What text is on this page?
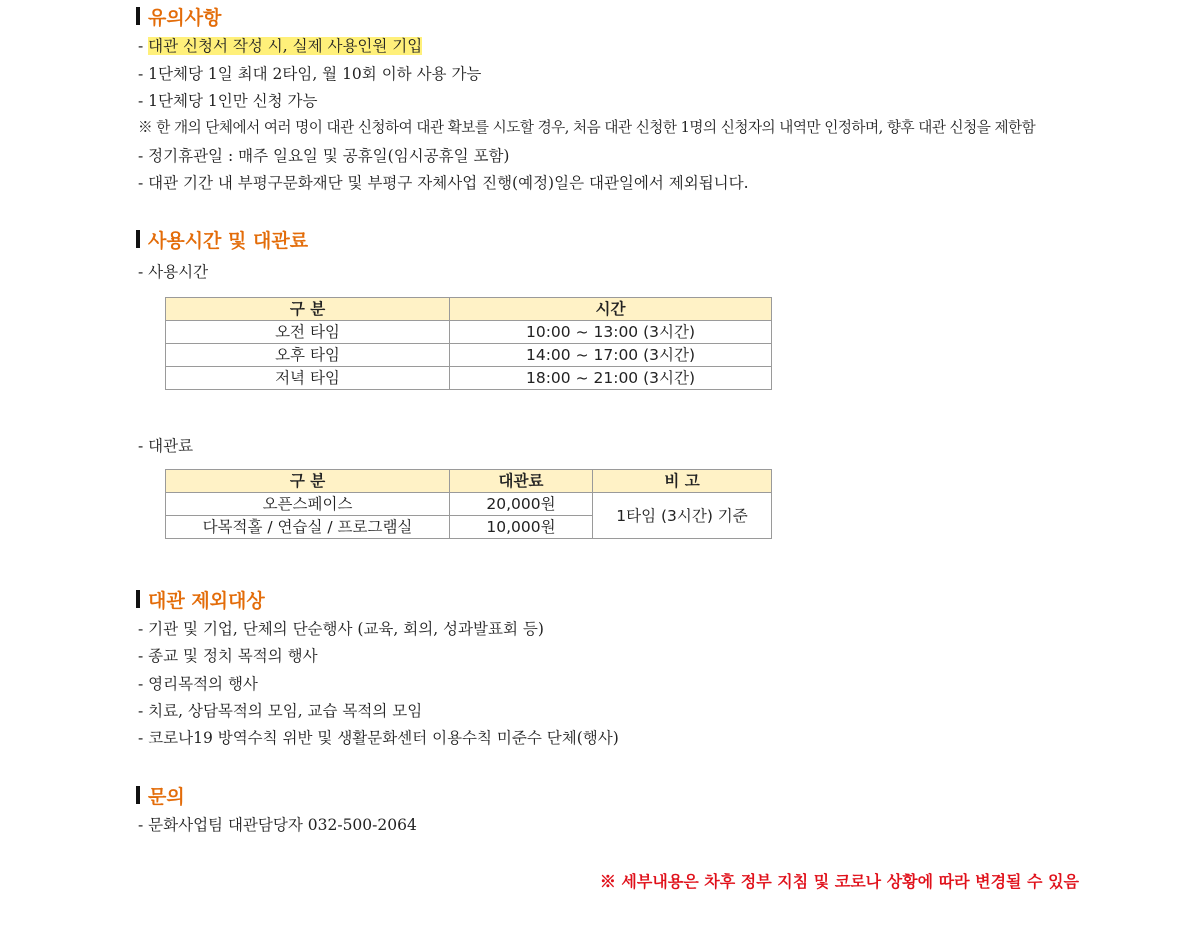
유의사항
- 대관 신청서 작성 시, 실제 사용인원 기입
- 1단체당 1일 최대 2타임, 월 10회 이하 사용 가능
- 1단체당 1인만 신청 가능
※ 한 개의 단체에서 여러 명이 대관 신청하여 대관 확보를 시도할 경우, 처음 대관 신청한 1명의 신청자의 내역만 인정하며, 향후 대관 신청을 제한함
- 정기휴관일 : 매주 일요일 및 공휴일(임시공휴일 포함)
- 대관 기간 내 부평구문화재단 및 부평구 자체사업 진행(예정)일은 대관일에서 제외됩니다.
사용시간 및 대관료
- 사용시간
구 분	시간
오전 타임	10:00 ~ 13:00 (3시간)
오후 타임	14:00 ~ 17:00 (3시간)
저녁 타임	18:00 ~ 21:00 (3시간)
- 대관료
구 분	대관료	비 고
오픈스페이스	20,000원	1타임 (3시간) 기준
다목적홀 / 연습실 / 프로그램실	10,000원	
대관 제외대상
- 기관 및 기업, 단체의 단순행사 (교육, 회의, 성과발표회 등)
- 종교 및 정치 목적의 행사
- 영리목적의 행사
- 치료, 상담목적의 모임, 교습 목적의 모임
- 코로나19 방역수칙 위반 및 생활문화센터 이용수칙 미준수 단체(행사)
문의
- 문화사업팀 대관담당자 032-500-2064
※ 세부내용은 차후 정부 지침 및 코로나 상황에 따라 변경될 수 있음
